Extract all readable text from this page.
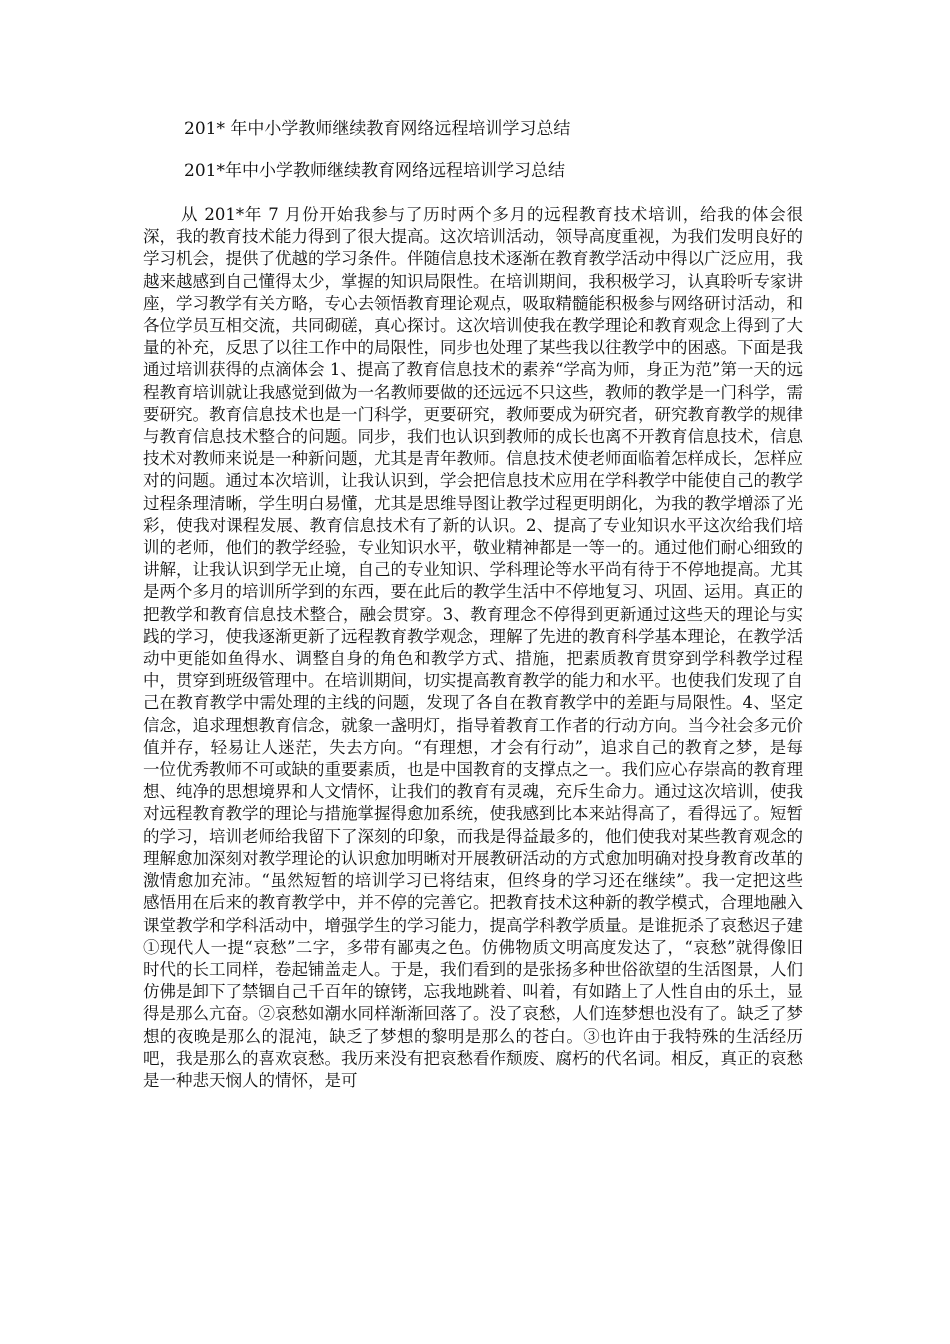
201* 年中小学教师继续教育网络远程培训学习总结
201*年中小学教师继续教育网络远程培训学习总结

从 201*年 7 月份开始我参与了历时两个多月的远程教育技术培训，给我的体会很深，我的教育技术能力得到了很大提高。这次培训活动，领导高度重视，为我们发明良好的学习机会，提供了优越的学习条件。伴随信息技术逐渐在教育教学活动中得以广泛应用，我越来越感到自己懂得太少，掌握的知识局限性。在培训期间，我积极学习，认真聆听专家讲座，学习教学有关方略，专心去领悟教育理论观点，吸取精髓能积极参与网络研讨活动，和各位学员互相交流，共同砌磋，真心探讨。这次培训使我在教学理论和教育观念上得到了大量的补充，反思了以往工作中的局限性，同步也处理了某些我以往教学中的困惑。下面是我通过培训获得的点滴体会 1、提高了教育信息技术的素养“学高为师，身正为范”第一天的远程教育培训就让我感觉到做为一名教师要做的还远远不只这些，教师的教学是一门科学，需要研究。教育信息技术也是一门科学，更要研究，教师要成为研究者，研究教育教学的规律与教育信息技术整合的问题。同步，我们也认识到教师的成长也离不开教育信息技术，信息技术对教师来说是一种新问题，尤其是青年教师。信息技术使老师面临着怎样成长，怎样应对的问题。通过本次培训，让我认识到，学会把信息技术应用在学科教学中能使自己的教学过程条理清晰，学生明白易懂，尤其是思维导图让教学过程更明朗化，为我的教学增添了光彩，使我对课程发展、教育信息技术有了新的认识。2、提高了专业知识水平这次给我们培训的老师，他们的教学经验，专业知识水平，敬业精神都是一等一的。通过他们耐心细致的讲解，让我认识到学无止境，自己的专业知识、学科理论等水平尚有待于不停地提高。尤其是两个多月的培训所学到的东西，要在此后的教学生活中不停地复习、巩固、运用。真正的把教学和教育信息技术整合，融会贯穿。3、教育理念不停得到更新通过这些天的理论与实践的学习，使我逐渐更新了远程教育教学观念，理解了先进的教育科学基本理论，在教学活动中更能如鱼得水、调整自身的角色和教学方式、措施，把素质教育贯穿到学科教学过程中，贯穿到班级管理中。在培训期间，切实提高教育教学的能力和水平。也使我们发现了自己在教育教学中需处理的主线的问题，发现了各自在教育教学中的差距与局限性。4、坚定信念，追求理想教育信念，就象一盏明灯，指导着教育工作者的行动方向。当今社会多元价值并存，轻易让人迷茫，失去方向。“有理想，才会有行动”，追求自己的教育之梦，是每一位优秀教师不可或缺的重要素质，也是中国教育的支撑点之一。我们应心存崇高的教育理想、纯净的思想境界和人文情怀，让我们的教育有灵魂，充斥生命力。通过这次培训，使我对远程教育教学的理论与措施掌握得愈加系统，使我感到比本来站得高了，看得远了。短暂的学习，培训老师给我留下了深刻的印象，而我是得益最多的，他们使我对某些教育观念的理解愈加深刻对教学理论的认识愈加明晰对开展教研活动的方式愈加明确对投身教育改革的激情愈加充沛。“虽然短暂的培训学习已将结束，但终身的学习还在继续”。我一定把这些感悟用在后来的教育教学中，并不停的完善它。把教育技术这种新的教学模式，合理地融入课堂教学和学科活动中，增强学生的学习能力，提高学科教学质量。是谁扼杀了哀愁迟子建①现代人一提“哀愁”二字，多带有鄙夷之色。仿佛物质文明高度发达了，“哀愁”就得像旧时代的长工同样，卷起铺盖走人。于是，我们看到的是张扬多种世俗欲望的生活图景，人们仿佛是卸下了禁锢自己千百年的镣铐，忘我地跳着、叫着，有如踏上了人性自由的乐土，显得是那么亢奋。②哀愁如潮水同样渐渐回落了。没了哀愁，人们连梦想也没有了。缺乏了梦想的夜晚是那么的混沌，缺乏了梦想的黎明是那么的苍白。③也许由于我特殊的生活经历吧，我是那么的喜欢哀愁。我历来没有把哀愁看作颓废、腐朽的代名词。相反，真正的哀愁是一种悲天悯人的情怀，是可
